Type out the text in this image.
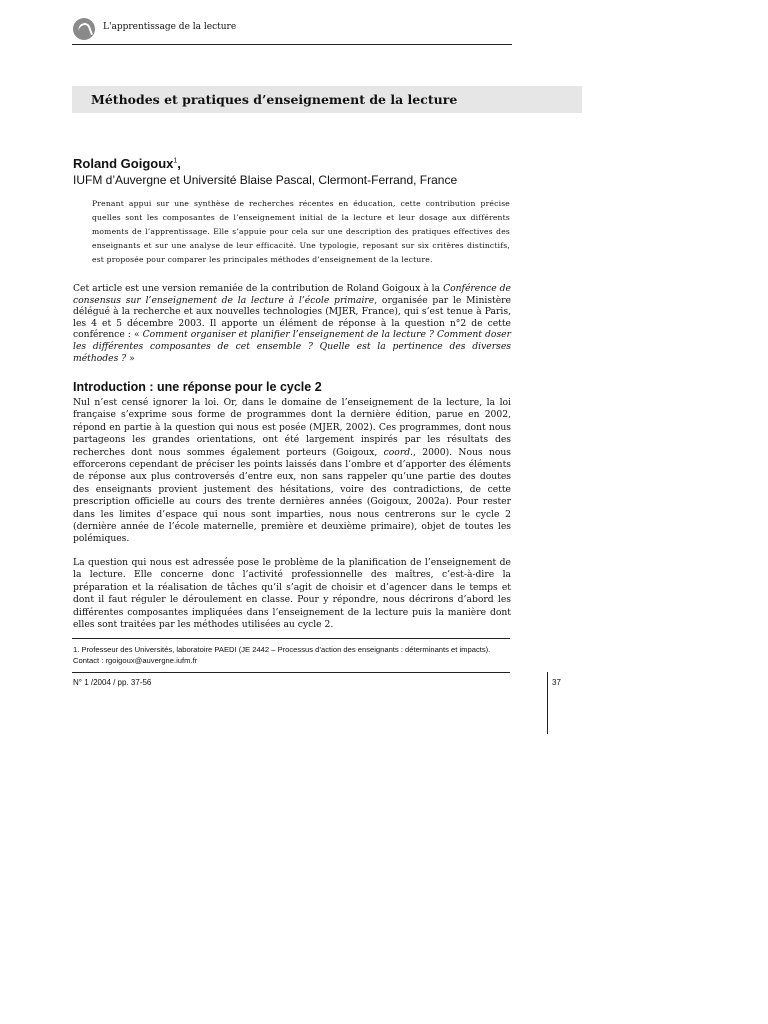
L'apprentissage de la lecture
Méthodes et pratiques d’enseignement de la lecture
Roland Goigoux$^1$,
IUFM d’Auvergne et Université Blaise Pascal, Clermont-Ferrand, France
Prenant appui sur une synthèse de recherches récentes en éducation, cette contribution précise quelles sont les composantes de l’enseignement initial de la lecture et leur dosage aux différents moments de l’apprentissage. Elle s’appuie pour cela sur une description des pratiques effectives des enseignants et sur une analyse de leur efficacité. Une typologie, reposant sur six critères distinctifs, est proposée pour comparer les principales méthodes d’enseignement de la lecture.
Cet article est une version remaniée de la contribution de Roland Goigoux à la Conférence de consensus sur l’enseignement de la lecture à l’école primaire, organisée par le Ministère délégué à la recherche et aux nouvelles technologies (MJER, France), qui s’est tenue à Paris, les 4 et 5 décembre 2003. Il apporte un élément de réponse à la question n°2 de cette conférence : « Comment organiser et planifier l’enseignement de la lecture ? Comment doser les différentes composantes de cet ensemble ? Quelle est la pertinence des diverses méthodes ? »
Introduction : une réponse pour le cycle 2
Nul n’est censé ignorer la loi. Or, dans le domaine de l’enseignement de la lecture, la loi française s’exprime sous forme de programmes dont la dernière édition, parue en 2002, répond en partie à la question qui nous est posée (MJER, 2002). Ces programmes, dont nous partageons les grandes orientations, ont été largement inspirés par les résultats des recherches dont nous sommes également porteurs (Goigoux, coord., 2000). Nous nous efforcerons cependant de préciser les points laissés dans l’ombre et d’apporter des éléments de réponse aux plus controversés d’entre eux, non sans rappeler qu’une partie des doutes des enseignants provient justement des hésitations, voire des contradictions, de cette prescription officielle au cours des trente dernières années (Goigoux, 2002a). Pour rester dans les limites d’espace qui nous sont imparties, nous nous centrerons sur le cycle 2 (dernière année de l’école maternelle, première et deuxième primaire), objet de toutes les polémiques.
La question qui nous est adressée pose le problème de la planification de l’enseignement de la lecture. Elle concerne donc l’activité professionnelle des maîtres, c’est-à-dire la préparation et la réalisation de tâches qu’il s’agit de choisir et d’agencer dans le temps et dont il faut réguler le déroulement en classe. Pour y répondre, nous décrirons d’abord les différentes composantes impliquées dans l’enseignement de la lecture puis la manière dont elles sont traitées par les méthodes utilisées au cycle 2.
1. Professeur des Universités, laboratoire PAEDI (JE 2442 – Processus d’action des enseignants : déterminants et impacts). Contact : rgoigoux@auvergne.iufm.fr
N° 1 /2004 / pp. 37-56	37
